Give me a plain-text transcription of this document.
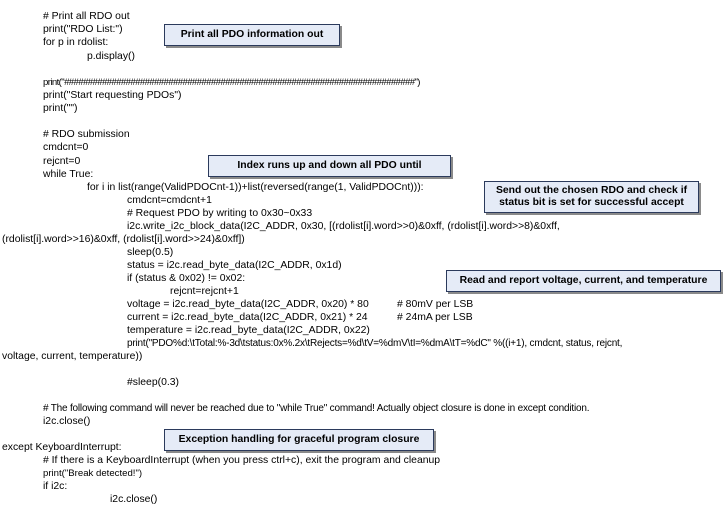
# Print all RDO out
print("RDO List:")
for p in rdolist:
p.display()
print("##########################################################################")
print("Start requesting PDOs")
print("")
# RDO submission
cmdcnt=0
rejcnt=0
while True:
for i in list(range(ValidPDOCnt-1))+list(reversed(range(1, ValidPDOCnt))):
cmdcnt=cmdcnt+1
# Request PDO by writing to 0x30~0x33
i2c.write_i2c_block_data(I2C_ADDR, 0x30, [(rdolist[i].word>>0)&0xff, (rdolist[i].word>>8)&0xff,
(rdolist[i].word>>16)&0xff, (rdolist[i].word>>24)&0xff])
sleep(0.5)
status = i2c.read_byte_data(I2C_ADDR, 0x1d)
if (status & 0x02) != 0x02:
rejcnt=rejcnt+1
voltage = i2c.read_byte_data(I2C_ADDR, 0x20) * 80	# 80mV per LSB
current = i2c.read_byte_data(I2C_ADDR, 0x21) * 24	# 24mA per LSB
temperature = i2c.read_byte_data(I2C_ADDR, 0x22)
print("PDO%d:\tTotal:%-3d\tstatus:0x%.2x\tRejects=%d\tV=%dmV\tI=%dmA\tT=%dC" %((i+1), cmdcnt, status, rejcnt,
voltage, current, temperature))
#sleep(0.3)
# The following command will never be reached due to "while True" command! Actually object closure is done in except condition.
i2c.close()
except KeyboardInterrupt:
# If there is a KeyboardInterrupt (when you press ctrl+c), exit the program and cleanup
print("Break detected!")
if i2c:
i2c.close()
Print all PDO information out
Index runs up and down all PDO until
Send out the chosen RDO and check if status bit is set for successful accept
Read and report voltage, current, and temperature
Exception handling for graceful program closure
